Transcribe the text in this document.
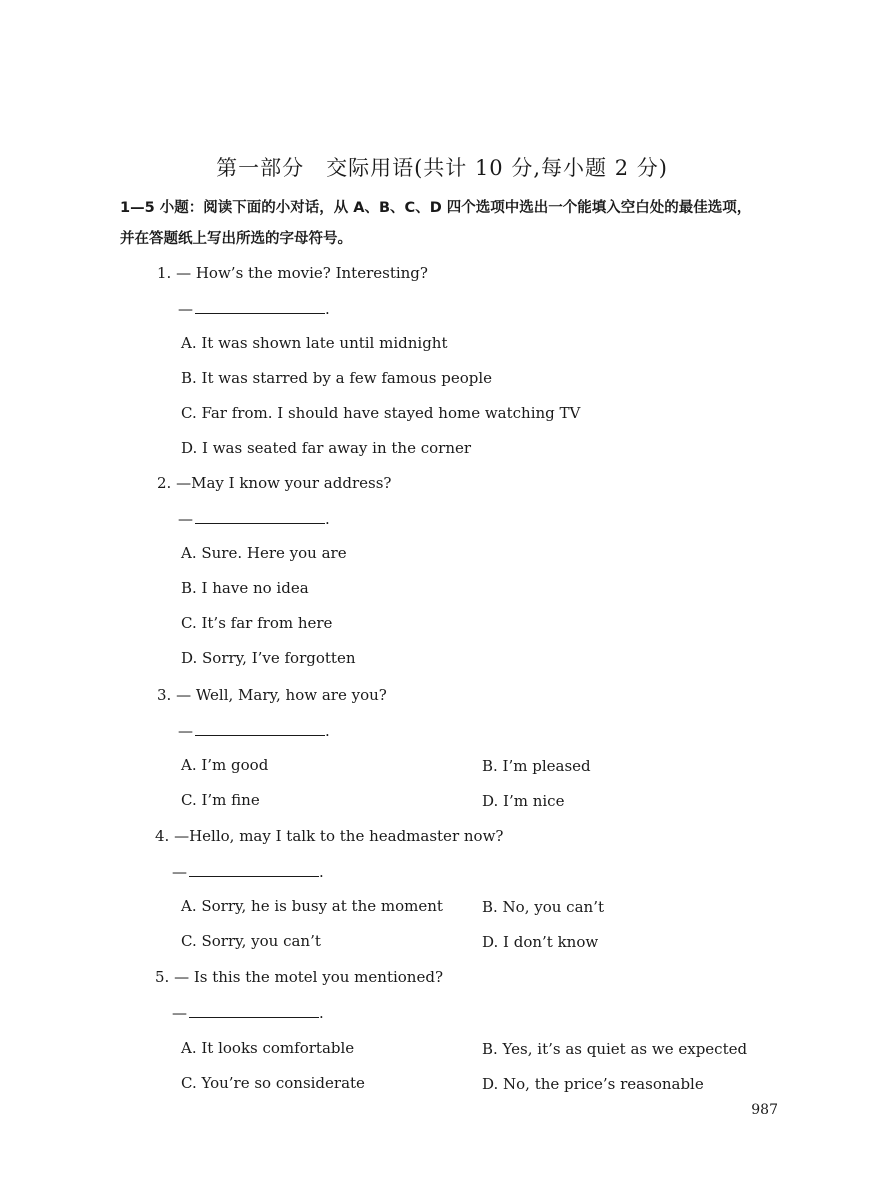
第一部分　交际用语(共计 10 分,每小题 2 分)
1—5 小题：阅读下面的小对话，从 A、B、C、D 四个选项中选出一个能填入空白处的最佳选项，
并在答题纸上写出所选的字母符号。
1. — How’s the movie? Interesting?
—	.
A. It was shown late until midnight
B. It was starred by a few famous people
C. Far from. I should have stayed home watching TV
D. I was seated far away in the corner
2. —May I know your address?
—	.
A. Sure. Here you are
B. I have no idea
C. It’s far from here
D. Sorry, I’ve forgotten
3. — Well, Mary, how are you?
—	.
A. I’m good	B. I’m pleased
C. I’m fine	D. I’m nice
4. —Hello, may I talk to the headmaster now?
—	.
A. Sorry, he is busy at the moment	B. No, you can’t
C. Sorry, you can’t	D. I don’t know
5. — Is this the motel you mentioned?
—	.
A. It looks comfortable	B. Yes, it’s as quiet as we expected
C. You’re so considerate	D. No, the price’s reasonable
987
